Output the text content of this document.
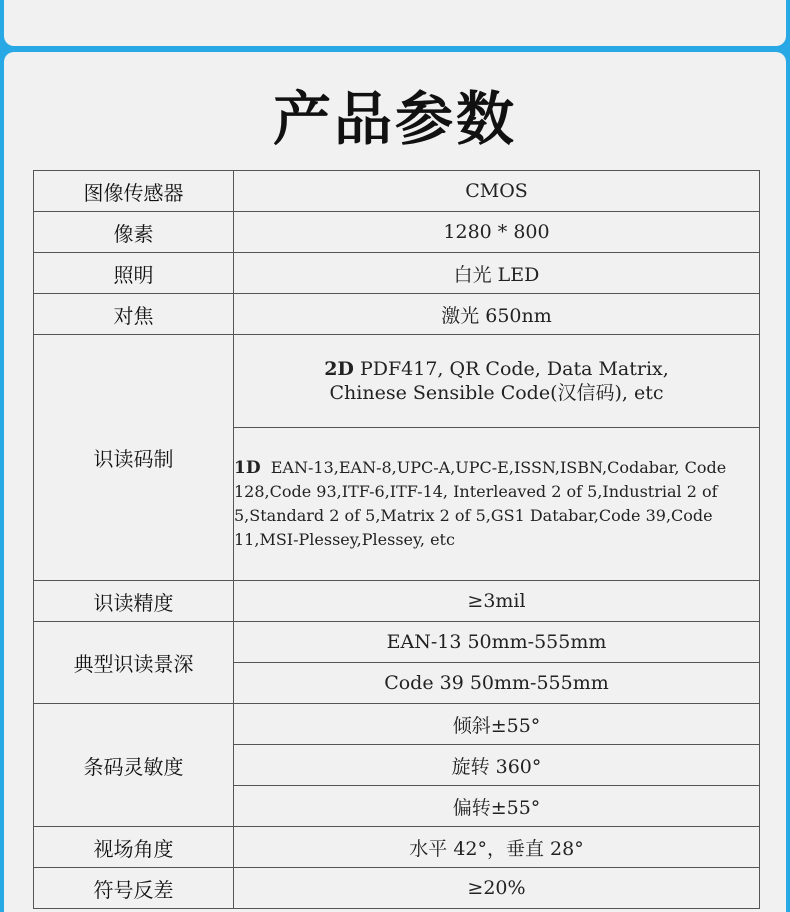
产品参数
图像传感器	CMOS
像素	1280 * 800
照明	白光 LED
对焦	激光 650nm
识读码制	2D PDF417, QR Code, Data Matrix,
Chinese Sensible Code(汉信码), etc
	1D EAN-13,EAN-8,UPC-A,UPC-E,ISSN,ISBN,Codabar, Code 128,Code 93,ITF-6,ITF-14, Interleaved 2 of 5,Industrial 2 of 5,Standard 2 of 5,Matrix 2 of 5,GS1 Databar,Code 39,Code 11,MSI-Plessey,Plessey, etc
识读精度	≥3mil
典型识读景深	EAN-13 50mm-555mm
	Code 39 50mm-555mm
条码灵敏度	倾斜±55°
	旋转 360°
	偏转±55°
视场角度	水平 42°，垂直 28°
符号反差	≥20%
